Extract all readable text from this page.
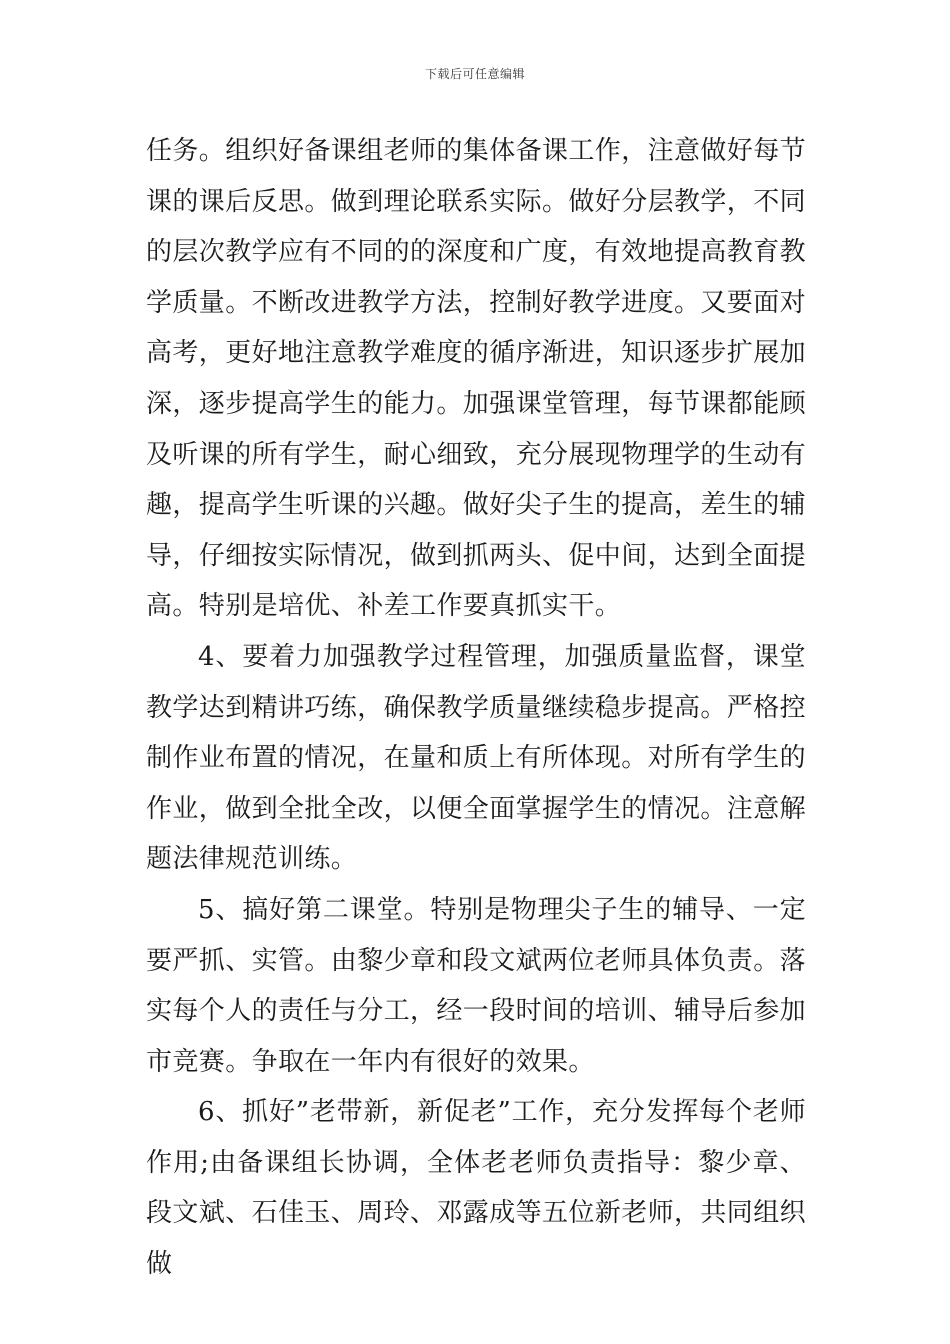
下载后可任意编辑

任务。组织好备课组老师的集体备课工作，注意做好每节课的课后反思。做到理论联系实际。做好分层教学，不同的层次教学应有不同的的深度和广度，有效地提高教育教学质量。不断改进教学方法，控制好教学进度。又要面对高考，更好地注意教学难度的循序渐进，知识逐步扩展加深，逐步提高学生的能力。加强课堂管理，每节课都能顾及听课的所有学生，耐心细致，充分展现物理学的生动有趣，提高学生听课的兴趣。做好尖子生的提高，差生的辅导，仔细按实际情况，做到抓两头、促中间，达到全面提高。特别是培优、补差工作要真抓实干。

4、要着力加强教学过程管理，加强质量监督，课堂教学达到精讲巧练，确保教学质量继续稳步提高。严格控制作业布置的情况，在量和质上有所体现。对所有学生的作业，做到全批全改，以便全面掌握学生的情况。注意解题法律规范训练。

5、搞好第二课堂。特别是物理尖子生的辅导、一定要严抓、实管。由黎少章和段文斌两位老师具体负责。落实每个人的责任与分工，经一段时间的培训、辅导后参加市竞赛。争取在一年内有很好的效果。

6、抓好”老带新，新促老”工作，充分发挥每个老师作用;由备课组长协调，全体老老师负责指导：黎少章、段文斌、石佳玉、周玲、邓露成等五位新老师，共同组织做
